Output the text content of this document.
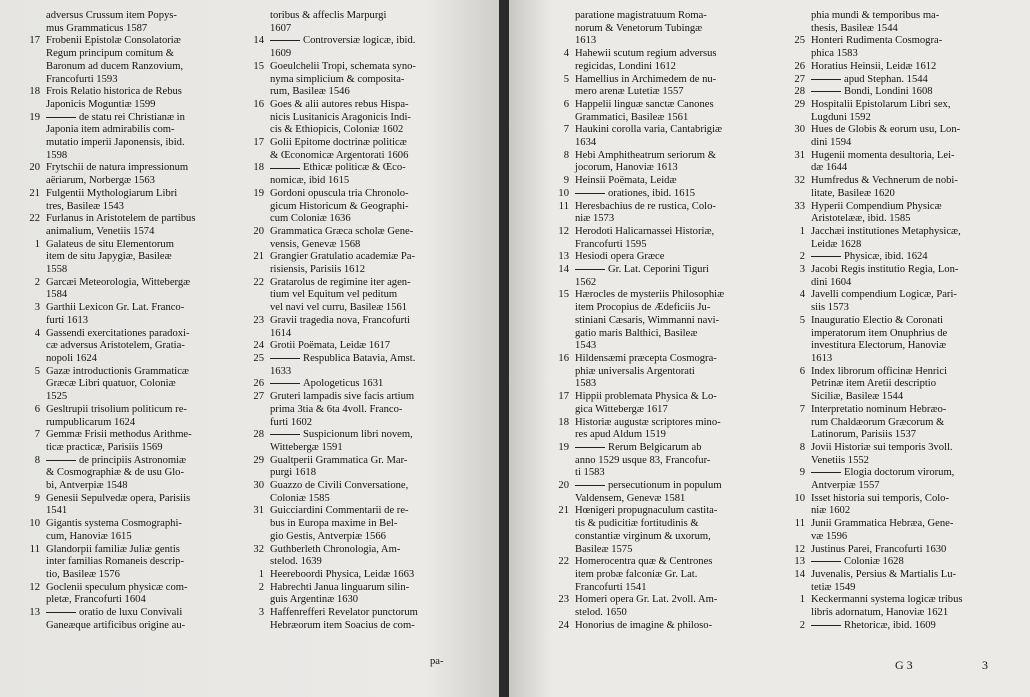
adversus Crussum item Popys-
mus Grammaticus 1587
17 Frobenii Epistolæ Consolatoriæ
Regum principum comitum &
Baronum ad ducem Ranzovium,
Francofurti 1593
18 Frois Relatio historica de Rebus
Japonicis Moguntiæ 1599
19	de statu rei Christianæ in
Japonia item admirabilis com-
mutatio imperii Japonensis, ibid.
1598
20 Frytschii de natura impressionum
aëriarum, Norbergæ 1563
21 Fulgentii Mythologiarum Libri
tres, Basileæ 1543
22 Furlanus in Aristotelem de partibus
animalium, Venetiis 1574
1 Galateus de situ Elementorum
item de situ Japygiæ, Basileæ
1558
2 Garcæi Meteorologia, Wittebergæ
1584
3 Garthii Lexicon Gr. Lat. Franco-
furti 1613
4 Gassendi exercitationes paradoxi-
cæ adversus Aristotelem, Gratia-
nopoli 1624
5 Gazæ introductionis Grammaticæ
Græcæ Libri quatuor, Coloniæ
1525
6 Gesltrupii trisolium politicum re-
rumpublicarum 1624
7 Gemmæ Frisii methodus Arithme-
ticæ practicæ, Parisiis 1569
8	de principiis Astronomiæ
& Cosmographiæ & de usu Glo-
bi, Antverpiæ 1548
9 Genesii Sepulvedæ opera, Parisiis
1541
10 Gigantis systema Cosmographi-
cum, Hanoviæ 1615
11 Glandorpii familiæ Juliæ gentis
inter familias Romaneis descrip-
tio, Basileæ 1576
12 Goclenii speculum physicæ com-
pletæ, Francofurti 1604
13	oratio de luxu Convivali
Ganeæque artificibus origine au-
toribus & affeclis Marpurgi
1607
14	Controversiæ logicæ, ibid.
1609
15 Goeulchelii Tropi, schemata syno-
nyma simplicium & composita-
rum, Basileæ 1546
16 Goes & alii autores rebus Hispa-
nicis Lusitanicis Aragonicis Indi-
cis & Ethiopicis, Coloniæ 1602
17 Golii Epitome doctrinæ politicæ
& Œconomicæ Argentorati 1606
18	Ethicæ politicæ & Œco-
nomicæ, ibid 1615
19 Gordoni opuscula tria Chronolo-
gicum Historicum & Geographi-
cum Coloniæ 1636
20 Grammatica Græca scholæ Gene-
vensis, Genevæ 1568
21 Grangier Gratulatio academiæ Pa-
risiensis, Parisiis 1612
22 Gratarolus de regimine iter agen-
tium vel Equitum vel peditum
vel navi vel curru, Basileæ 1561
23 Gravii tragedia nova, Francofurti
1614
24 Grotii Poëmata, Leidæ 1617
25	Respublica Batavia, Amst.
1633
26	Apologeticus 1631
27 Gruteri lampadis sive facis artium
prima 3tia & 6ta 4voll. Franco-
furti 1602
28	Suspicionum libri novem,
Wittebergæ 1591
29 Gualtperii Grammatica Gr. Mar-
purgi 1618
30 Guazzo de Civili Conversatione,
Coloniæ 1585
31 Guicciardini Commentarii de re-
bus in Europa maxime in Bel-
gio Gestis, Antverpiæ 1566
32 Guthberleth Chronologia, Am-
stelod. 1639
1 Heereboordi Physica, Leidæ 1663
2 Habrechti Janua linguarum silin-
guis Argentinæ 1630
3 Haffenrefferi Revelator punctorum
Hebræorum item Soacius de com-
pa-
paratione magistratuum Roma-
norum & Venetorum Tubingæ
1613
4 Hahewii scutum regium adversus
regicidas, Londini 1612
5 Hamellius in Archimedem de nu-
mero arenæ Lutetiæ 1557
6 Happelii linguæ sanctæ Canones
Grammatici, Basileæ 1561
7 Haukini corolla varia, Cantabrigiæ
1634
8 Hebi Amphitheatrum seriorum &
jocorum, Hanoviæ 1613
9 Heinsii Poëmata, Leidæ
10	orationes, ibid. 1615
11 Heresbachius de re rustica, Colo-
niæ 1573
12 Herodoti Halicarnassei Historiæ,
Francofurti 1595
13 Hesiodi opera Græce
14	Gr. Lat. Ceporini Tiguri
1562
15 Hærocles de mysteriis Philosophiæ
item Procopius de Ædeficiis Ju-
stiniani Cæsaris, Wimmanni navi-
gatio maris Balthici, Basileæ
1543
16 Hildensæmi præcepta Cosmogra-
phiæ universalis Argentorati
1583
17 Hippii problemata Physica & Lo-
gica Wittebergæ 1617
18 Historiæ augustæ scriptores mino-
res apud Aldum 1519
19	Rerum Belgicarum ab
anno 1529 usque 83, Francofur-
ti 1583
20	persecutionum in populum
Valdensem, Genevæ 1581
21 Hœnigeri propugnaculum castita-
tis & pudicitiæ fortitudinis &
constantiæ virginum & uxorum,
Basileæ 1575
22 Homerocentra quæ & Centrones
item probæ falconiæ Gr. Lat.
Francofurti 1541
23 Homeri opera Gr. Lat. 2voll. Am-
stelod. 1650
24 Honorius de imagine & philoso-
phia mundi & temporibus ma-
thesis, Basileæ 1544
25 Honteri Rudimenta Cosmogra-
phica 1583
26 Horatius Heinsii, Leidæ 1612
27	apud Stephan. 1544
28	Bondi, Londini 1608
29 Hospitalii Epistolarum Libri sex,
Lugduni 1592
30 Hues de Globis & eorum usu, Lon-
dini 1594
31 Hugenii momenta desultoria, Lei-
dæ 1644
32 Humfredus & Vechnerum de nobi-
litate, Basileæ 1620
33 Hyperii Compendium Physicæ
Aristotelææ, ibid. 1585
1 Jacchæi institutiones Metaphysicæ,
Leidæ 1628
2	Physicæ, ibid. 1624
3 Jacobi Regis institutio Regia, Lon-
dini 1604
4 Javelli compendium Logicæ, Pari-
siis 1573
5 Inauguratio Electio & Coronati
imperatorum item Onuphrius de
investitura Electorum, Hanoviæ
1613
6 Index librorum officinæ Henrici
Petrinæ item Aretii descriptio
Siciliæ, Basileæ 1544
7 Interpretatio nominum Hebræo-
rum Chaldæorum Græcorum &
Latinorum, Parisiis 1537
8 Jovii Historiæ sui temporis 3voll.
Venetiis 1552
9	Elogia doctorum virorum,
Antverpiæ 1557
10 Isset historia sui temporis, Colo-
niæ 1602
11 Junii Grammatica Hebræa, Gene-
væ 1596
12 Justinus Parei, Francofurti 1630
13	Coloniæ 1628
14 Juvenalis, Persius & Martialis Lu-
tetiæ 1549
1 Keckermanni systema logicæ tribus
libris adornatum, Hanoviæ 1621
2	Rhetoricæ, ibid. 1609
G 3	3
